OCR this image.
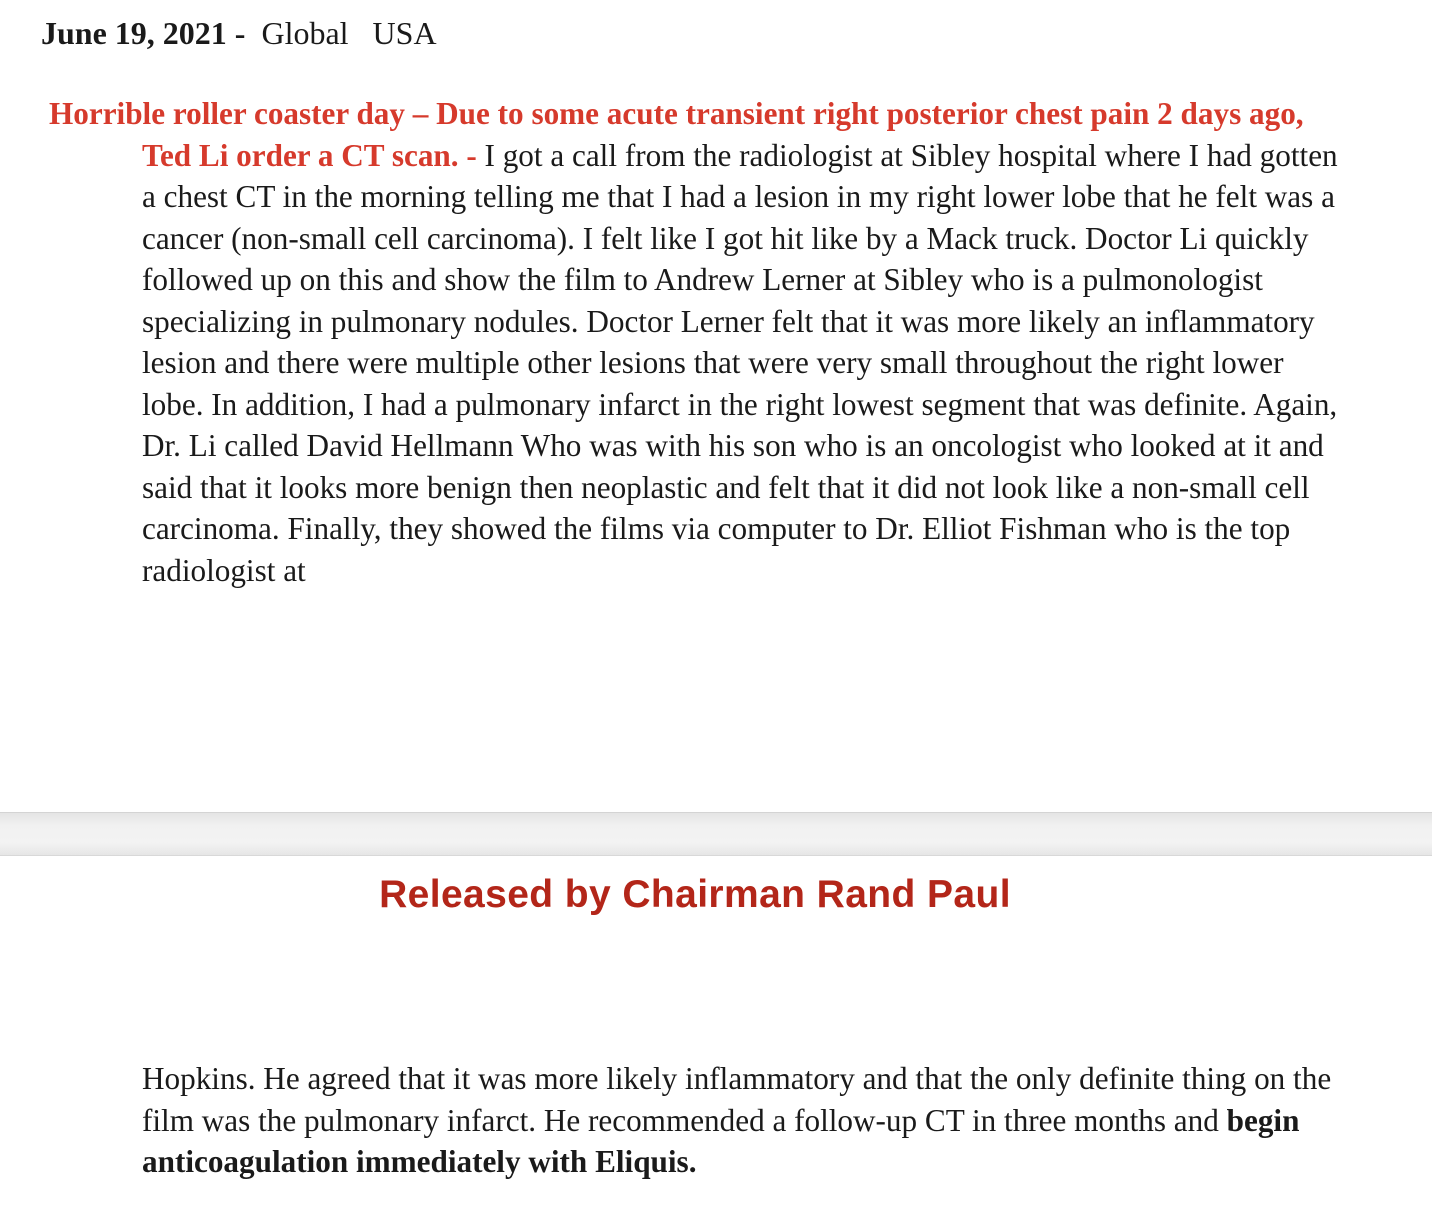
June 19, 2021 - Global USA

Horrible roller coaster day – Due to some acute transient right posterior chest pain 2 days ago, Ted Li order a CT scan. - I got a call from the radiologist at Sibley hospital where I had gotten a chest CT in the morning telling me that I had a lesion in my right lower lobe that he felt was a cancer (non-small cell carcinoma). I felt like I got hit like by a Mack truck. Doctor Li quickly followed up on this and show the film to Andrew Lerner at Sibley who is a pulmonologist specializing in pulmonary nodules. Doctor Lerner felt that it was more likely an inflammatory lesion and there were multiple other lesions that were very small throughout the right lower lobe. In addition, I had a pulmonary infarct in the right lowest segment that was definite. Again, Dr. Li called David Hellmann Who was with his son who is an oncologist who looked at it and said that it looks more benign then neoplastic and felt that it did not look like a non-small cell carcinoma. Finally, they showed the films via computer to Dr. Elliot Fishman who is the top radiologist at

Released by Chairman Rand Paul

Hopkins. He agreed that it was more likely inflammatory and that the only definite thing on the film was the pulmonary infarct. He recommended a follow-up CT in three months and begin anticoagulation immediately with Eliquis.
